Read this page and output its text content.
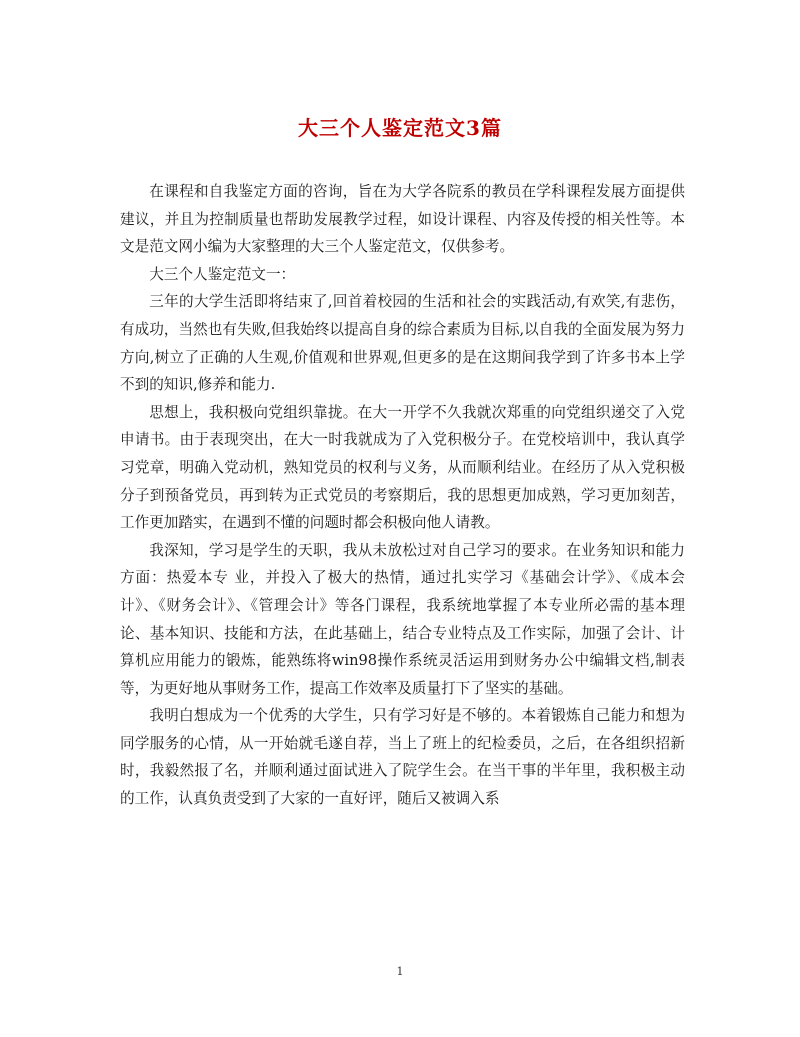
大三个人鉴定范文3篇

在课程和自我鉴定方面的咨询，旨在为大学各院系的教员在学科课程发展方面提供建议，并且为控制质量也帮助发展教学过程，如设计课程、内容及传授的相关性等。本文是范文网小编为大家整理的大三个人鉴定范文，仅供参考。

大三个人鉴定范文一：

三年的大学生活即将结束了,回首着校园的生活和社会的实践活动,有欢笑,有悲伤，有成功，当然也有失败,但我始终以提高自身的综合素质为目标,以自我的全面发展为努力方向,树立了正确的人生观,价值观和世界观,但更多的是在这期间我学到了许多书本上学不到的知识,修养和能力.

思想上，我积极向党组织靠拢。在大一开学不久我就次郑重的向党组织递交了入党申请书。由于表现突出，在大一时我就成为了入党积极分子。在党校培训中，我认真学习党章，明确入党动机，熟知党员的权利与义务，从而顺利结业。在经历了从入党积极分子到预备党员，再到转为正式党员的考察期后，我的思想更加成熟，学习更加刻苦，工作更加踏实，在遇到不懂的问题时都会积极向他人请教。

我深知，学习是学生的天职，我从未放松过对自己学习的要求。在业务知识和能力方面：热爱本专 业，并投入了极大的热情，通过扎实学习《基础会计学》、《成本会计》、《财务会计》、《管理会计》等各门课程，我系统地掌握了本专业所必需的基本理论、基本知识、技能和方法，在此基础上，结合专业特点及工作实际，加强了会计、计算机应用能力的锻炼，能熟练将win98操作系统灵活运用到财务办公中编辑文档,制表等，为更好地从事财务工作，提高工作效率及质量打下了坚实的基础。

我明白想成为一个优秀的大学生，只有学习好是不够的。本着锻炼自己能力和想为同学服务的心情，从一开始就毛遂自荐，当上了班上的纪检委员，之后，在各组织招新时，我毅然报了名，并顺利通过面试进入了院学生会。在当干事的半年里，我积极主动的工作，认真负责受到了大家的一直好评，随后又被调入系

1
